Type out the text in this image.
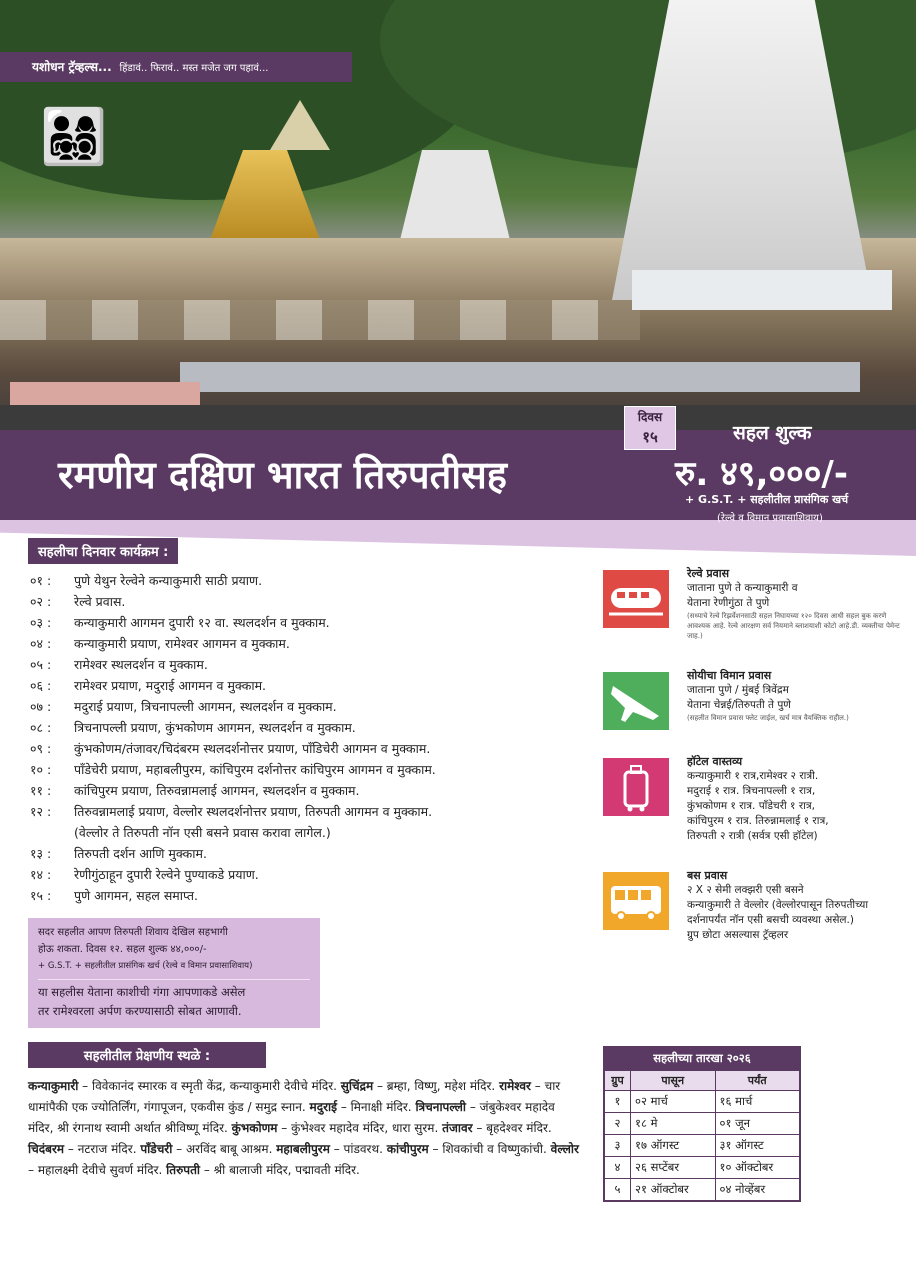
यशोधन ट्रॅव्हल्स... हिंडावं.. फिरावं.. मस्त मजेत जग पहावं...
👨‍👩‍👧‍👦
रमणीय दक्षिण भारत तिरुपतीसह
दिवस
१५	सहल शुल्क
रु. ४९,०००/-
+ G.S.T. + सहलीतील प्रासंगिक खर्च
(रेल्वे व विमान प्रवासाशिवाय)
सहलीचा दिनवार कार्यक्रम :
०१ :	पुणे येथुन रेल्वेने कन्याकुमारी साठी प्रयाण.
०२ :	रेल्वे प्रवास.
०३ :	कन्याकुमारी आगमन दुपारी १२ वा. स्थलदर्शन व मुक्काम.
०४ :	कन्याकुमारी प्रयाण, रामेश्वर आगमन व मुक्काम.
०५ :	रामेश्वर स्थलदर्शन व मुक्काम.
०६ :	रामेश्वर प्रयाण, मदुराई आगमन व मुक्काम.
०७ :	मदुराई प्रयाण, त्रिचनापल्ली आगमन, स्थलदर्शन व मुक्काम.
०८ :	त्रिचनापल्ली प्रयाण, कुंभकोणम आगमन, स्थलदर्शन व मुक्काम.
०९ :	कुंभकोणम/तंजावर/चिदंबरम स्थलदर्शनोत्तर प्रयाण, पाँडिचेरी आगमन व मुक्काम.
१० :	पाँडेचेरी प्रयाण, महाबलीपुरम, कांचिपुरम दर्शनोत्तर कांचिपुरम आगमन व मुक्काम.
११ :	कांचिपुरम प्रयाण, तिरुवन्नामलाई आगमन, स्थलदर्शन व मुक्काम.
१२ :	तिरुवन्नामलाई प्रयाण, वेल्लोर स्थलदर्शनोत्तर प्रयाण, तिरुपती आगमन व मुक्काम.
(वेल्लोर ते तिरुपती नॉन एसी बसने प्रवास करावा लागेल.)
१३ :	तिरुपती दर्शन आणि मुक्काम.
१४ :	रेणीगुंठाहून दुपारी रेल्वेने पुण्याकडे प्रयाण.
१५ :	पुणे आगमन, सहल समाप्त.
सदर सहलीत आपण तिरुपती शिवाय देखिल सहभागी
होऊ शकता. दिवस १२. सहल शुल्क ४४,०००/-
+ G.S.T. + सहलीतील प्रासंगिक खर्च (रेल्वे व विमान प्रवासाशिवाय)
या सहलीस येताना काशीची गंगा आपणाकडे असेल
तर रामेश्वरला अर्पण करण्यासाठी सोबत आणावी.
रेल्वे प्रवास
जाताना पुणे ते कन्याकुमारी व
येताना रेणीगुंठा ते पुणे
(सध्याचे रेल्वे रिझर्वेशनसाठी सहल निघायच्या १२० दिवस आधी सहल बुक करणे आवश्यक आहे. रेल्वे आरक्षण सर्व नियमाने ब्लाशयाशी कोटो आहे.डी. व्यक्तीचा पेमेन्ट जाह.)
सोयीचा विमान प्रवास
जाताना पुणे / मुंबई त्रिवेंद्रम
येताना चेन्नई/तिरुपती ते पुणे
(सहलीत विमान प्रवास फ्लेट जाईल, खर्च मात्र वैयक्तिक राहील.)
हॉटेल वास्तव्य
कन्याकुमारी १ रात्र,रामेश्वर २ रात्री.
मदुराई १ रात्र. त्रिचनापल्ली १ रात्र,
कुंभकोणम १ रात्र. पाँडेचरी १ रात्र,
कांचिपुरम १ रात्र. तिरुन्नामलाई १ रात्र,
तिरुपती २ रात्री (सर्वत्र एसी हॉटेल)
बस प्रवास
२ X २ सेमी लक्झरी एसी बसने
कन्याकुमारी ते वेल्लोर (वेल्लोरपासून तिरुपतीच्या
दर्शनापर्यंत नॉन एसी बसची व्यवस्था असेल.)
ग्रुप छोटा असल्यास ट्रॅव्हलर
सहलीतील प्रेक्षणीय स्थळे :
कन्याकुमारी – विवेकानंद स्मारक व स्मृती केंद्र, कन्याकुमारी देवीचे मंदिर. सुचिंद्रम – ब्रम्हा, विष्णु, महेश मंदिर. रामेश्वर – चार धामांपैकी एक ज्योतिर्लिंग, गंगापूजन, एकवीस कुंड / समुद्र स्नान. मदुराई – मिनाक्षी मंदिर. त्रिचनापल्ली – जंबुकेश्वर महादेव मंदिर, श्री रंगनाथ स्वामी अर्थात श्रीविष्णू मंदिर. कुंभकोणम – कुंभेश्वर महादेव मंदिर, धारा सुरम. तंजावर – बृहदेश्वर मंदिर. चिदंबरम – नटराज मंदिर. पाँडेचरी – अरविंद बाबू आश्रम. महाबलीपुरम – पांडवरथ. कांचीपुरम – शिवकांची व विष्णुकांची. वेल्लोर – महालक्ष्मी देवीचे सुवर्ण मंदिर. तिरुपती – श्री बालाजी मंदिर, पद्मावती मंदिर.
सहलीच्या तारखा २०२६
ग्रुप	पासून	पर्यंत
१	०२ मार्च	१६ मार्च
२	१८ मे	०१ जून
३	१७ ऑगस्ट	३१ ऑगस्ट
४	२६ सप्टेंबर	१० ऑक्टोबर
५	२१ ऑक्टोबर	०४ नोव्हेंबर
